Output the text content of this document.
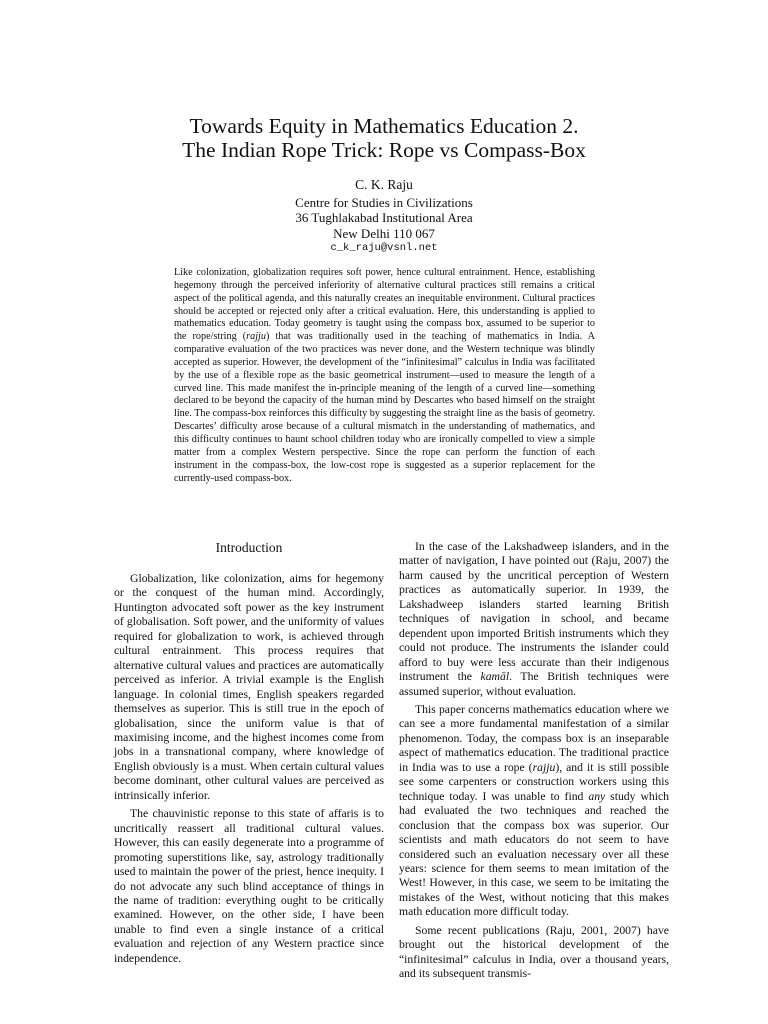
Towards Equity in Mathematics Education 2.
The Indian Rope Trick: Rope vs Compass-Box
C. K. Raju
Centre for Studies in Civilizations
36 Tughlakabad Institutional Area
New Delhi 110 067
c_k_raju@vsnl.net

Like colonization, globalization requires soft power, hence cultural entrainment. Hence, establishing hegemony through the perceived inferiority of alternative cultural practices still remains a critical aspect of the political agenda, and this naturally creates an inequitable environment. Cultural practices should be accepted or rejected only after a critical evaluation. Here, this understanding is applied to mathematics education. Today geometry is taught using the compass box, assumed to be superior to the rope/string (rajju) that was traditionally used in the teaching of mathematics in India. A comparative evaluation of the two practices was never done, and the Western technique was blindly accepted as superior. However, the development of the “infinitesimal” calculus in India was facilitated by the use of a flexible rope as the basic geometrical instrument—used to measure the length of a curved line. This made manifest the in-principle meaning of the length of a curved line—something declared to be beyond the capacity of the human mind by Descartes who based himself on the straight line. The compass-box reinforces this difficulty by suggesting the straight line as the basis of geometry. Descartes’ difficulty arose because of a cultural mismatch in the understanding of mathematics, and this difficulty continues to haunt school children today who are ironically compelled to view a simple matter from a complex Western perspective. Since the rope can perform the function of each instrument in the compass-box, the low-cost rope is suggested as a superior replacement for the currently-used compass-box.

Introduction

Globalization, like colonization, aims for hegemony or the conquest of the human mind. Accordingly, Huntington advocated soft power as the key instrument of globalisation. Soft power, and the uniformity of values required for globalization to work, is achieved through cultural entrainment. This process requires that alternative cultural values and practices are automatically perceived as inferior. A trivial example is the English language. In colonial times, English speakers regarded themselves as superior. This is still true in the epoch of globalisation, since the uniform value is that of maximising income, and the highest incomes come from jobs in a transnational company, where knowledge of English obviously is a must. When certain cultural values become dominant, other cultural values are perceived as intrinsically inferior.

The chauvinistic reponse to this state of affaris is to uncritically reassert all traditional cultural values. However, this can easily degenerate into a programme of promoting superstitions like, say, astrology traditionally used to maintain the power of the priest, hence inequity. I do not advocate any such blind acceptance of things in the name of tradition: everything ought to be critically examined. However, on the other side, I have been unable to find even a single instance of a critical evaluation and rejection of any Western practice since independence.

In the case of the Lakshadweep islanders, and in the matter of navigation, I have pointed out (Raju, 2007) the harm caused by the uncritical perception of Western practices as automatically superior. In 1939, the Lakshadweep islanders started learning British techniques of navigation in school, and became dependent upon imported British instruments which they could not produce. The instruments the islander could afford to buy were less accurate than their indigenous instrument the kamāl. The British techniques were assumed superior, without evaluation.

This paper concerns mathematics education where we can see a more fundamental manifestation of a similar phenomenon. Today, the compass box is an inseparable aspect of mathematics education. The traditional practice in India was to use a rope (rajju), and it is still possible see some carpenters or construction workers using this technique today. I was unable to find any study which had evaluated the two techniques and reached the conclusion that the compass box was superior. Our scientists and math educators do not seem to have considered such an evaluation necessary over all these years: science for them seems to mean imitation of the West! However, in this case, we seem to be imitating the mistakes of the West, without noticing that this makes math education more difficult today.

Some recent publications (Raju, 2001, 2007) have brought out the historical development of the “infinitesimal” calculus in India, over a thousand years, and its subsequent transmis-
